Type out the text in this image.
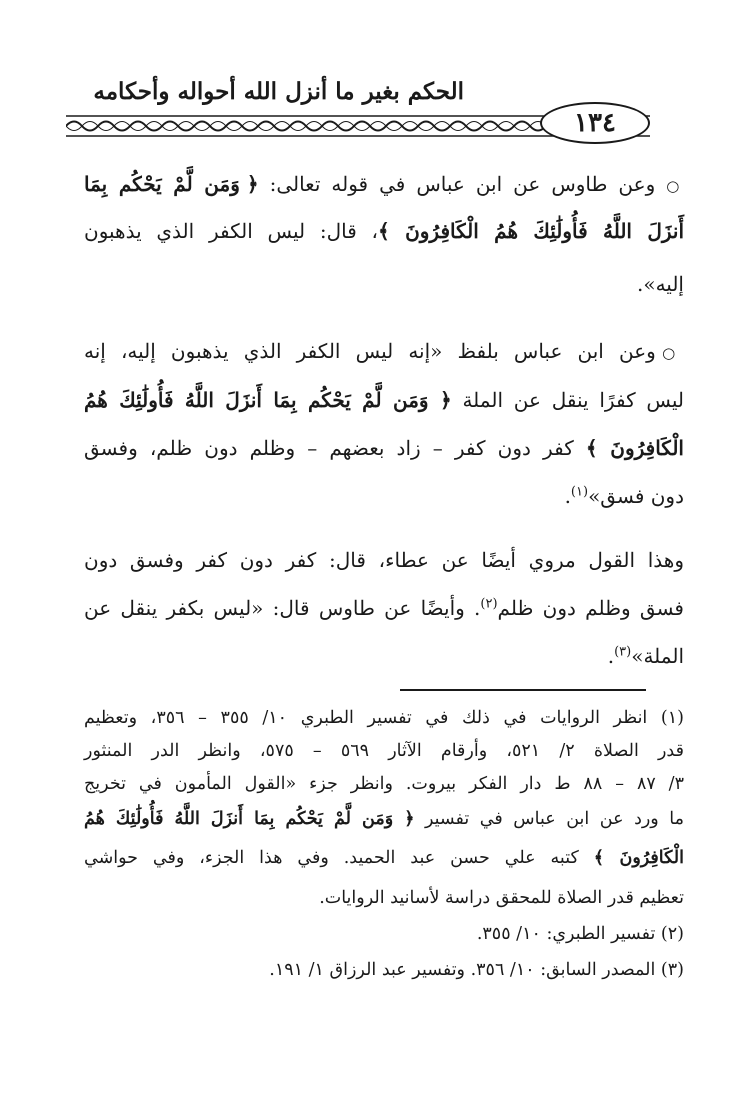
الحكم بغير ما أنزل الله أحواله وأحكامه
١٣٤
○ وعن طاوس عن ابن عباس في قوله تعالى: ﴿ وَمَن لَّمْ يَحْكُم بِمَا
أَنزَلَ اللَّهُ فَأُولَٰئِكَ هُمُ الْكَافِرُونَ ﴾، قال: ليس الكفر الذي يذهبون
إليه».
○ وعن ابن عباس بلفظ «إنه ليس الكفر الذي يذهبون إليه، إنه
ليس كفرًا ينقل عن الملة ﴿ وَمَن لَّمْ يَحْكُم بِمَا أَنزَلَ اللَّهُ فَأُولَٰئِكَ هُمُ
الْكَافِرُونَ ﴾ كفر دون كفر – زاد بعضهم – وظلم دون ظلم، وفسق
دون فسق»$^{(١)}$.
وهذا القول مروي أيضًا عن عطاء، قال: كفر دون كفر وفسق دون
فسق وظلم دون ظلم$^{(٢)}$. وأيضًا عن طاوس قال: «ليس بكفر ينقل عن
الملة»$^{(٣)}$.
(١) انظر الروايات في ذلك في تفسير الطبري ١٠/ ٣٥٥ – ٣٥٦، وتعظيم
قدر الصلاة ٢/ ٥٢١، وأرقام الآثار ٥٦٩ – ٥٧٥، وانظر الدر المنثور
٣/ ٨٧ – ٨٨ ط دار الفكر بيروت. وانظر جزء «القول المأمون في تخريج
ما ورد عن ابن عباس في تفسير ﴿ وَمَن لَّمْ يَحْكُم بِمَا أَنزَلَ اللَّهُ فَأُولَٰئِكَ هُمُ
الْكَافِرُونَ ﴾ كتبه علي حسن عبد الحميد. وفي هذا الجزء، وفي حواشي
تعظيم قدر الصلاة للمحقق دراسة لأسانيد الروايات.
(٢) تفسير الطبري: ١٠/ ٣٥٥.
(٣) المصدر السابق: ١٠/ ٣٥٦. وتفسير عبد الرزاق ١/ ١٩١.
